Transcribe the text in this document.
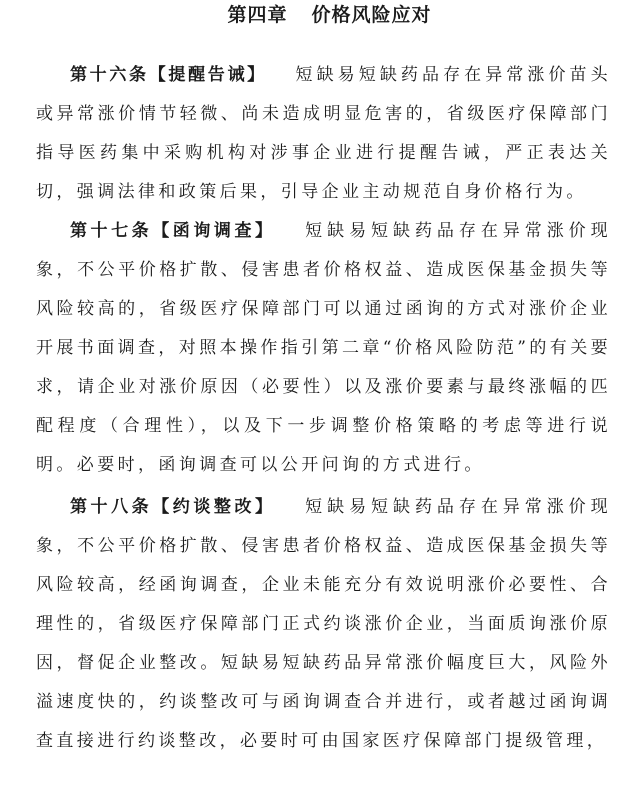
第四章 价格风险应对

第十六条【提醒告诫】 短缺易短缺药品存在异常涨价苗头或异常涨价情节轻微、尚未造成明显危害的，省级医疗保障部门指导医药集中采购机构对涉事企业进行提醒告诫，严正表达关切，强调法律和政策后果，引导企业主动规范自身价格行为。

第十七条【函询调查】 短缺易短缺药品存在异常涨价现象，不公平价格扩散、侵害患者价格权益、造成医保基金损失等风险较高的，省级医疗保障部门可以通过函询的方式对涨价企业开展书面调查，对照本操作指引第二章“价格风险防范”的有关要求，请企业对涨价原因（必要性）以及涨价要素与最终涨幅的匹配程度（合理性），以及下一步调整价格策略的考虑等进行说明。必要时，函询调查可以公开问询的方式进行。

第十八条【约谈整改】 短缺易短缺药品存在异常涨价现象，不公平价格扩散、侵害患者价格权益、造成医保基金损失等风险较高，经函询调查，企业未能充分有效说明涨价必要性、合理性的，省级医疗保障部门正式约谈涨价企业，当面质询涨价原因，督促企业整改。短缺易短缺药品异常涨价幅度巨大，风险外溢速度快的，约谈整改可与函询调查合并进行，或者越过函询调查直接进行约谈整改，必要时可由国家医疗保障部门提级管理，
